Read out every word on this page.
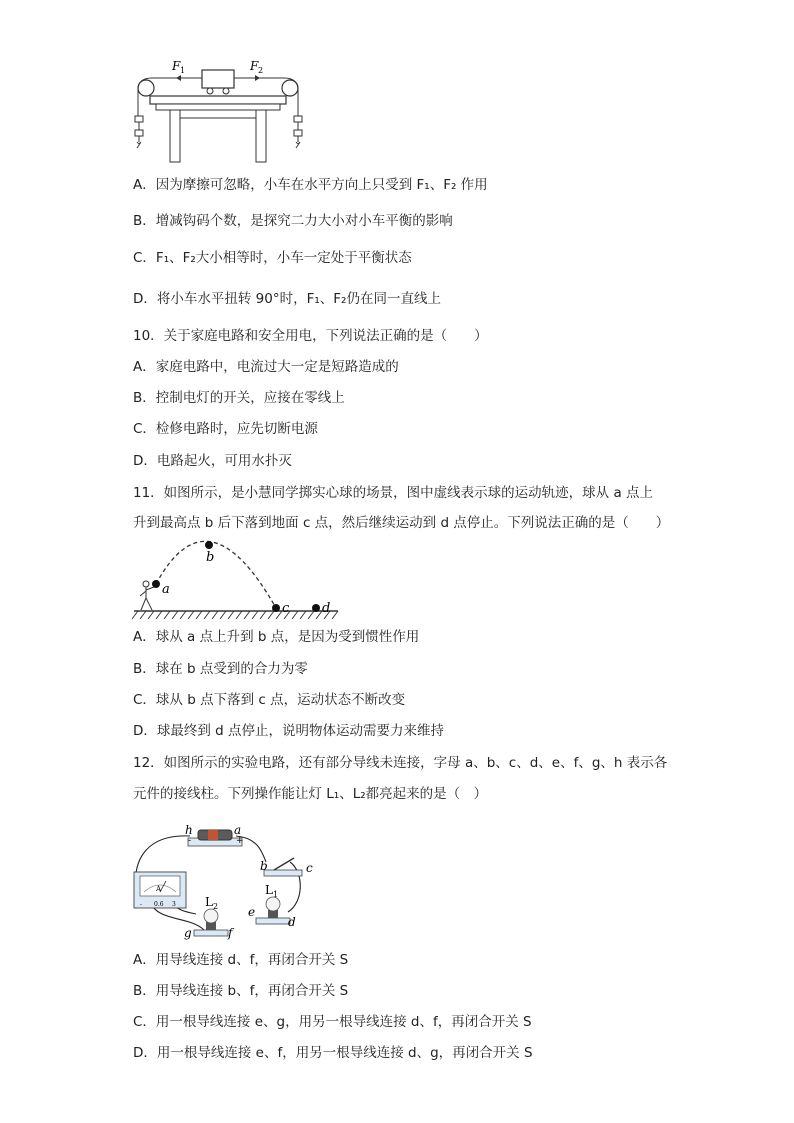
F 1	F 2
A．因为摩擦可忽略，小车在水平方向上只受到 F₁、F₂ 作用
B．增减钩码个数，是探究二力大小对小车平衡的影响
C．F₁、F₂大小相等时，小车一定处于平衡状态
D．将小车水平扭转 90°时，F₁、F₂仍在同一直线上
10．关于家庭电路和安全用电，下列说法正确的是（　　）
A．家庭电路中，电流过大一定是短路造成的
B．控制电灯的开关，应接在零线上
C．检修电路时，应先切断电源
D．电路起火，可用水扑灭
11．如图所示，是小慧同学掷实心球的场景，图中虚线表示球的运动轨迹，球从 a 点上
升到最高点 b 后下落到地面 c 点，然后继续运动到 d 点停止。下列说法正确的是（　　）
a
b
c	d
A．球从 a 点上升到 b 点，是因为受到惯性作用
B．球在 b 点受到的合力为零
C．球从 b 点下落到 c 点，运动状态不断改变
D．球最终到 d 点停止，说明物体运动需要力来维持
12．如图所示的实验电路，还有部分导线未连接，字母 a、b、c、d、e、f、g、h 表示各
元件的接线柱。下列操作能让灯 L₁、L₂都亮起来的是（　）
h	a
-	+
b	c
A
- 0.6 3 L 2
g	f
L 1
e
d
A．用导线连接 d、f，再闭合开关 S
B．用导线连接 b、f，再闭合开关 S
C．用一根导线连接 e、g，用另一根导线连接 d、f，再闭合开关 S
D．用一根导线连接 e、f，用另一根导线连接 d、g，再闭合开关 S
